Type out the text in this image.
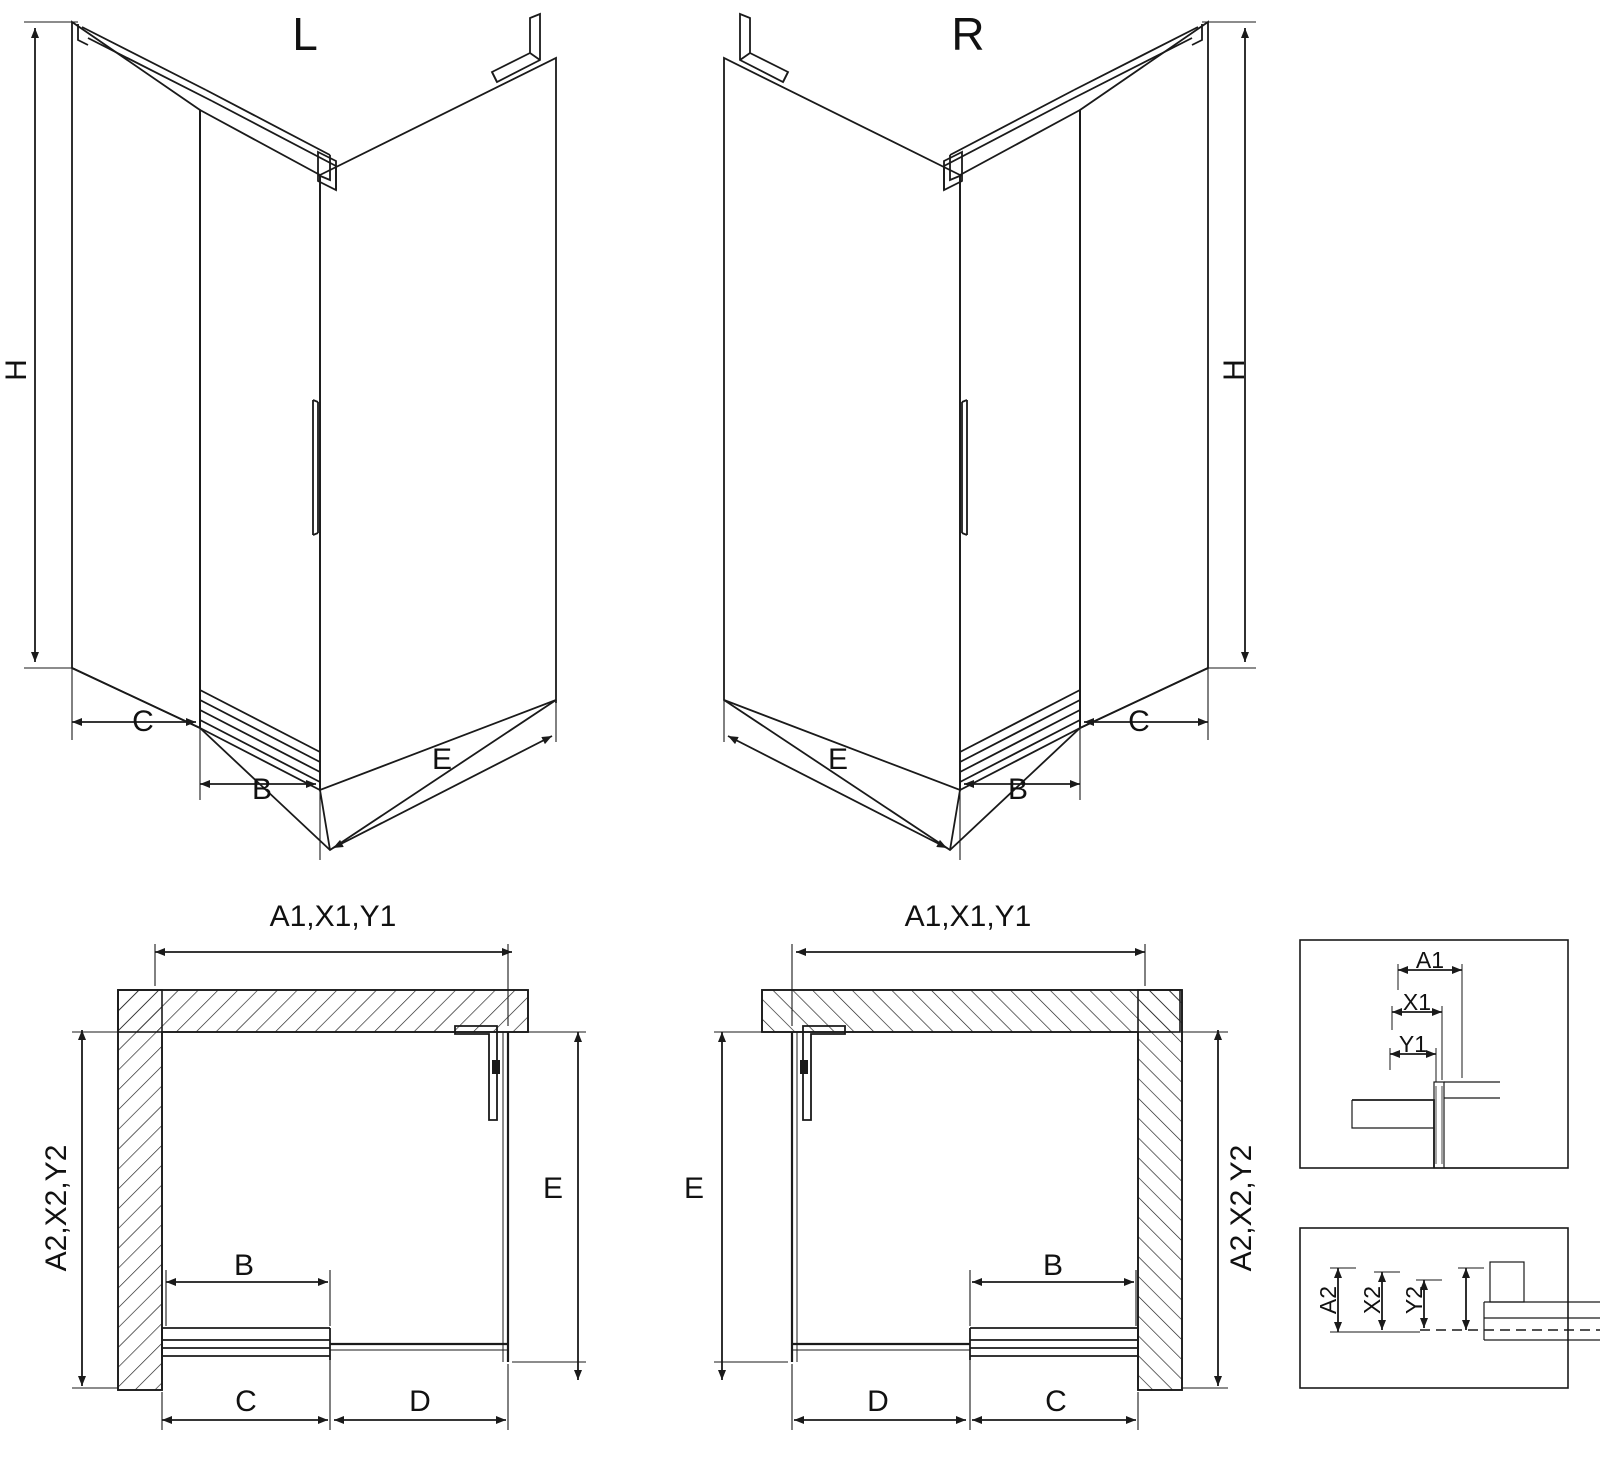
L	R
H
C
B
E
H
C
B
E
A1,X1,Y1
A2,X2,Y2	E
B
C	D
A1,X1,Y1
A2,X2,Y2
E
B
D	C
A1
X1
Y1
A2 X2 Y2
